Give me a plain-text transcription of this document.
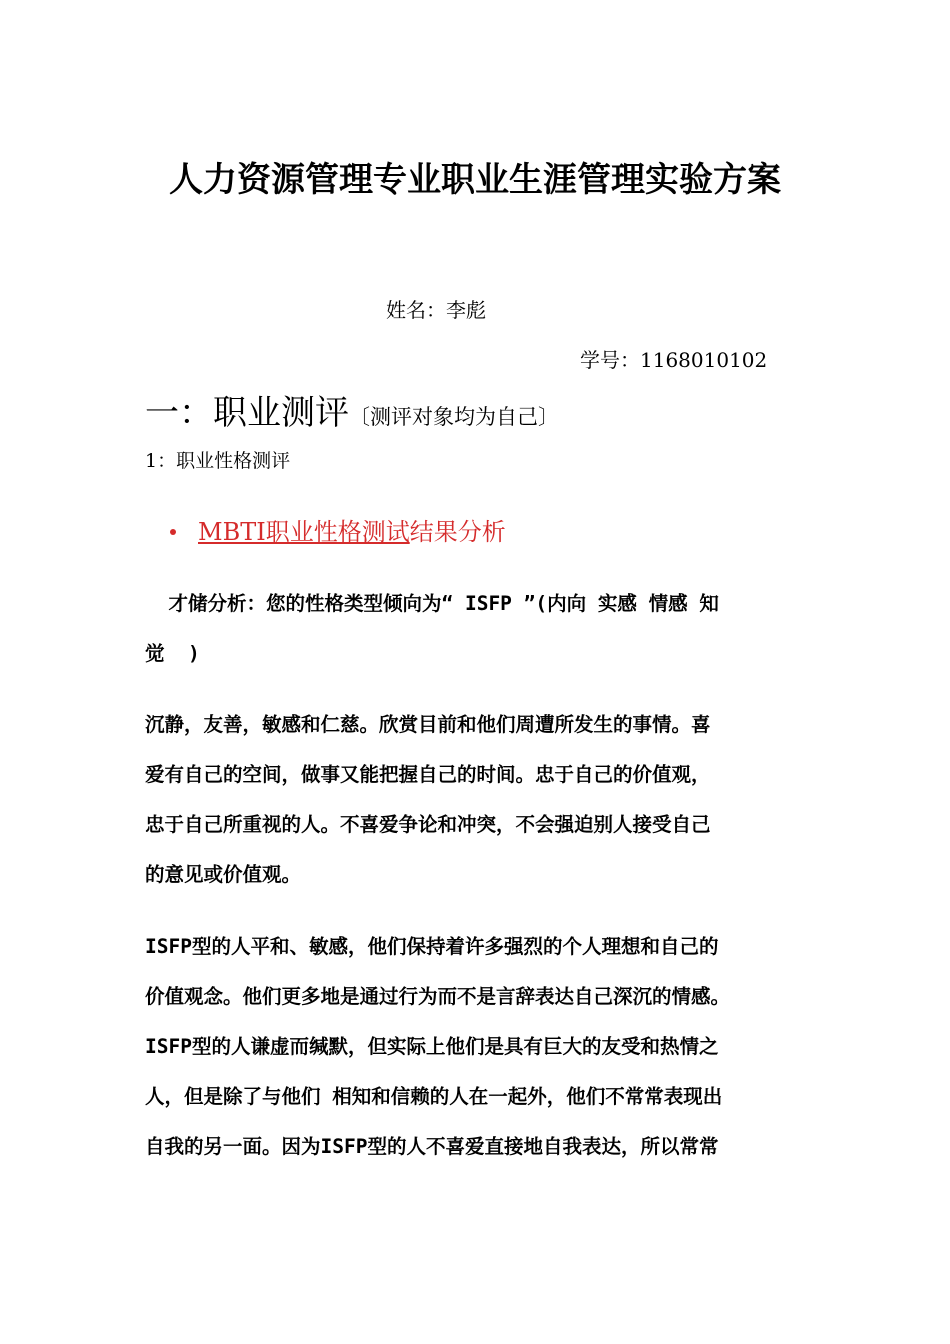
人力资源管理专业职业生涯管理实验方案
姓名：李彪
学号：1168010102
一：职业测评〔测评对象均为自己〕
1：职业性格测评
MBTI职业性格测试结果分析
才储分析：您的性格类型倾向为“ ISFP ”(内向 实感 情感 知
觉  )
沉静，友善，敏感和仁慈。欣赏目前和他们周遭所发生的事情。喜
爱有自己的空间，做事又能把握自己的时间。忠于自己的价值观，
忠于自己所重视的人。不喜爱争论和冲突，不会强迫别人接受自己
的意见或价值观。
ISFP型的人平和、敏感，他们保持着许多强烈的个人理想和自己的
价值观念。他们更多地是通过行为而不是言辞表达自己深沉的情感。
ISFP型的人谦虚而缄默，但实际上他们是具有巨大的友受和热情之
人，但是除了与他们 相知和信赖的人在一起外，他们不常常表现出
自我的另一面。因为ISFP型的人不喜爱直接地自我表达，所以常常
